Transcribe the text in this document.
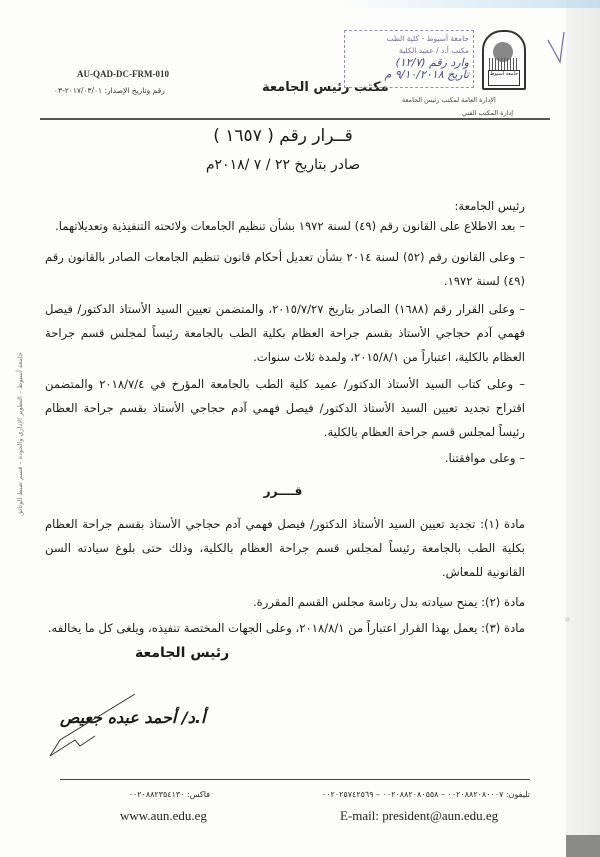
AU-QAD-DC-FRM-010
رقم وتاريخ الإصدار: ٢٠١٧/٠٣/٠١-٠٣	مكتب رئيس الجامعة
الإدارة العامة لمكتب رئيس الجامعة
إدارة المكتب الفني
جامعة أسيوط
جامعة أسيوط - كلية الطب
مكتب أ.د / عميد الكلية
وارد رقم (١٢/٧)
تاريخ ٩/١٠/٢٠١٨ م
قــرار رقم ( ١٦٥٧ )
صادر بتاريخ ٢٢ / ٧ /٢٠١٨م
رئيس الجامعة:
– بعد الاطلاع على القانون رقم (٤٩) لسنة ١٩٧٢ بشأن تنظيم الجامعات ولائحته التنفيذية وتعديلاتهما.
– وعلى القانون رقم (٥٢) لسنة ٢٠١٤ بشأن تعديل أحكام قانون تنظيم الجامعات الصادر بالقانون رقم (٤٩) لسنة ١٩٧٢.
– وعلى القرار رقم (١٦٨٨) الصادر بتاريخ ٢٠١٥/٧/٢٧، والمتضمن تعيين السيد الأستاذ الدكتور/ فيصل فهمي آدم حجاجي الأستاذ بقسم جراحة العظام بكلية الطب بالجامعة رئيساً لمجلس قسم جراحة العظام بالكلية، اعتباراً من ٢٠١٥/٨/١، ولمدة ثلاث سنوات.
– وعلى كتاب السيد الأستاذ الدكتور/ عميد كلية الطب بالجامعة المؤرخ في ٢٠١٨/٧/٤ والمتضمن اقتراح تجديد تعيين السيد الأستاذ الدكتور/ فيصل فهمي آدم حجاجي الأستاذ بقسم جراحة العظام رئيساً لمجلس قسم جراحة العظام بالكلية.
– وعلى موافقتنا.
قــــرر
مادة (١): تجديد تعيين السيد الأستاذ الدكتور/ فيصل فهمي آدم حجاجي الأستاذ بقسم جراحة العظام بكلية الطب بالجامعة رئيساً لمجلس قسم جراحة العظام بالكلية، وذلك حتى بلوغ سيادته السن القانونية للمعاش.
مادة (٢): يمنح سيادته بدل رئاسة مجلس القسم المقررة.
مادة (٣): يعمل بهذا القرار اعتباراً من ٢٠١٨/٨/١، وعلى الجهات المختصة تنفيذه، ويلغى كل ما يخالفه.
رئيس الجامعة
أ.د/ أحمد عبده جعيص
جامعة أسيوط – التطوير الإداري والجودة – قسم ضبط الوثائق
تليفون: ٠٠٢٠٨٨٢٠٨٠٠٠٧ – ٠٠٢٠٨٨٢٠٨٠٥٥٨ – ٠٠٢٠٢٥٧٤٢٥٦٩
فاكس: ٠٠٢٠٨٨٢٣٥٤١٣٠
E-mail: president@aun.edu.eg
www.aun.edu.eg
